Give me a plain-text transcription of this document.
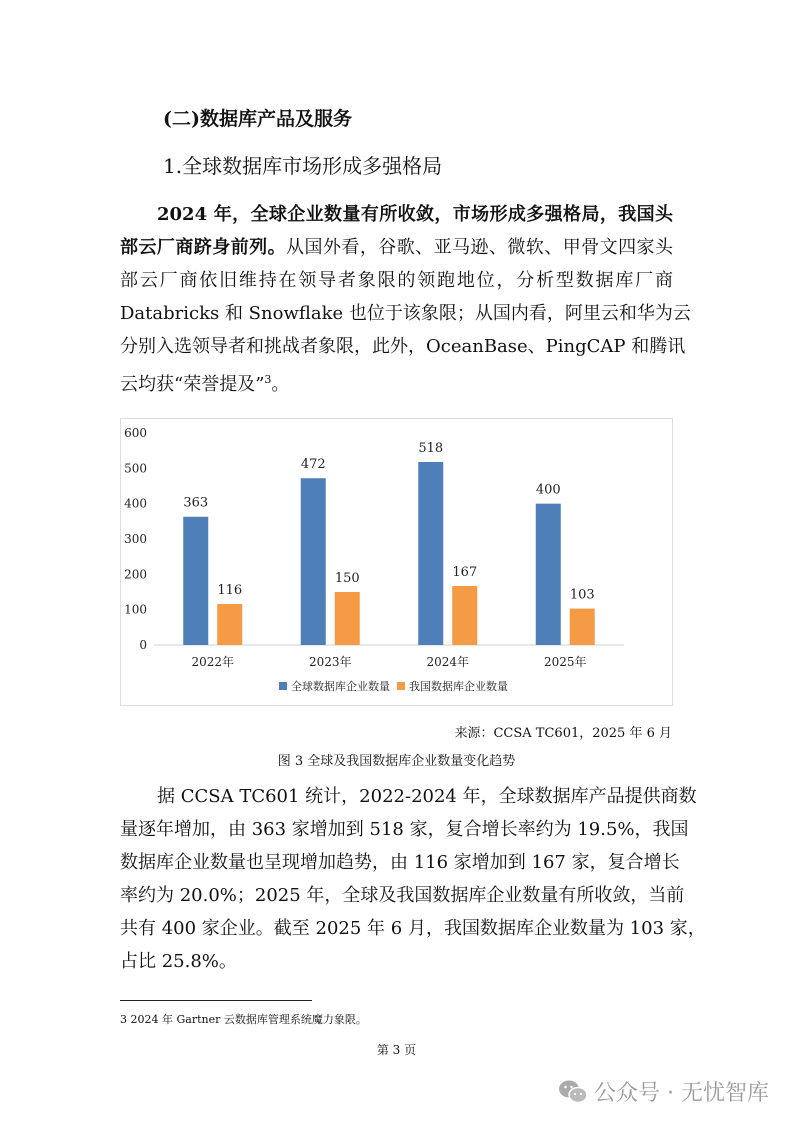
(二)数据库产品及服务
1.全球数据库市场形成多强格局
2024 年，全球企业数量有所收敛，市场形成多强格局，我国头
部云厂商跻身前列。从国外看，谷歌、亚马逊、微软、甲骨文四家头
部云厂商依旧维持在领导者象限的领跑地位，分析型数据库厂商
Databricks 和 Snowflake 也位于该象限；从国内看，阿里云和华为云
分别入选领导者和挑战者象限，此外，OceanBase、PingCAP 和腾讯
云均获“荣誉提及”$^3$。
0
100
200
300
400
500
600
363
116
2022年
472
150
2023年
518
167
2024年
400
103
2025年
全球数据库企业数量 我国数据库企业数量
来源：CCSA TC601，2025 年 6 月
图 3 全球及我国数据库企业数量变化趋势
据 CCSA TC601 统计，2022-2024 年，全球数据库产品提供商数
量逐年增加，由 363 家增加到 518 家，复合增长率约为 19.5%，我国
数据库企业数量也呈现增加趋势，由 116 家增加到 167 家，复合增长
率约为 20.0%；2025 年，全球及我国数据库企业数量有所收敛，当前
共有 400 家企业。截至 2025 年 6 月，我国数据库企业数量为 103 家，
占比 25.8%。
3 2024 年 Gartner 云数据库管理系统魔力象限。
第 3 页
公众号 · 无忧智库
